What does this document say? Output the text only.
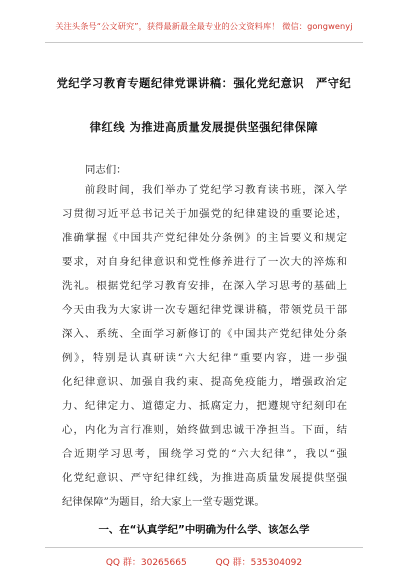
关注头条号“公文研究”，获得最新最全最专业的公文资料库！ 微信：gongwenyj
党纪学习教育专题纪律党课讲稿：强化党纪意识　严守纪
律红线 为推进高质量发展提供坚强纪律保障
同志们：
　　前段时间，我们举办了党纪学习教育读书班，深入学
习贯彻习近平总书记关于加强党的纪律建设的重要论述，
准确掌握《中国共产党纪律处分条例》的主旨要义和规定
要求，对自身纪律意识和党性修养进行了一次大的淬炼和
洗礼。根据党纪学习教育安排，在深入学习思考的基础上
今天由我为大家讲一次专题纪律党课讲稿，带领党员干部
深入、系统、全面学习新修订的《中国共产党纪律处分条
例》，特别是认真研读“六大纪律”重要内容，进一步强
化纪律意识、加强自我约束、提高免疫能力，增强政治定
力、纪律定力、道德定力、抵腐定力，把遵规守纪刻印在
心，内化为言行准则，始终做到忠诚干净担当。下面，结
合近期学习思考，围绕学习党的“六大纪律”，我以“强
化党纪意识、严守纪律红线，为推进高质量发展提供坚强
纪律保障”为题目，给大家上一堂专题党课。
一、在“认真学纪”中明确为什么学、该怎么学
QQ 群：30265665	QQ 群：535304092
